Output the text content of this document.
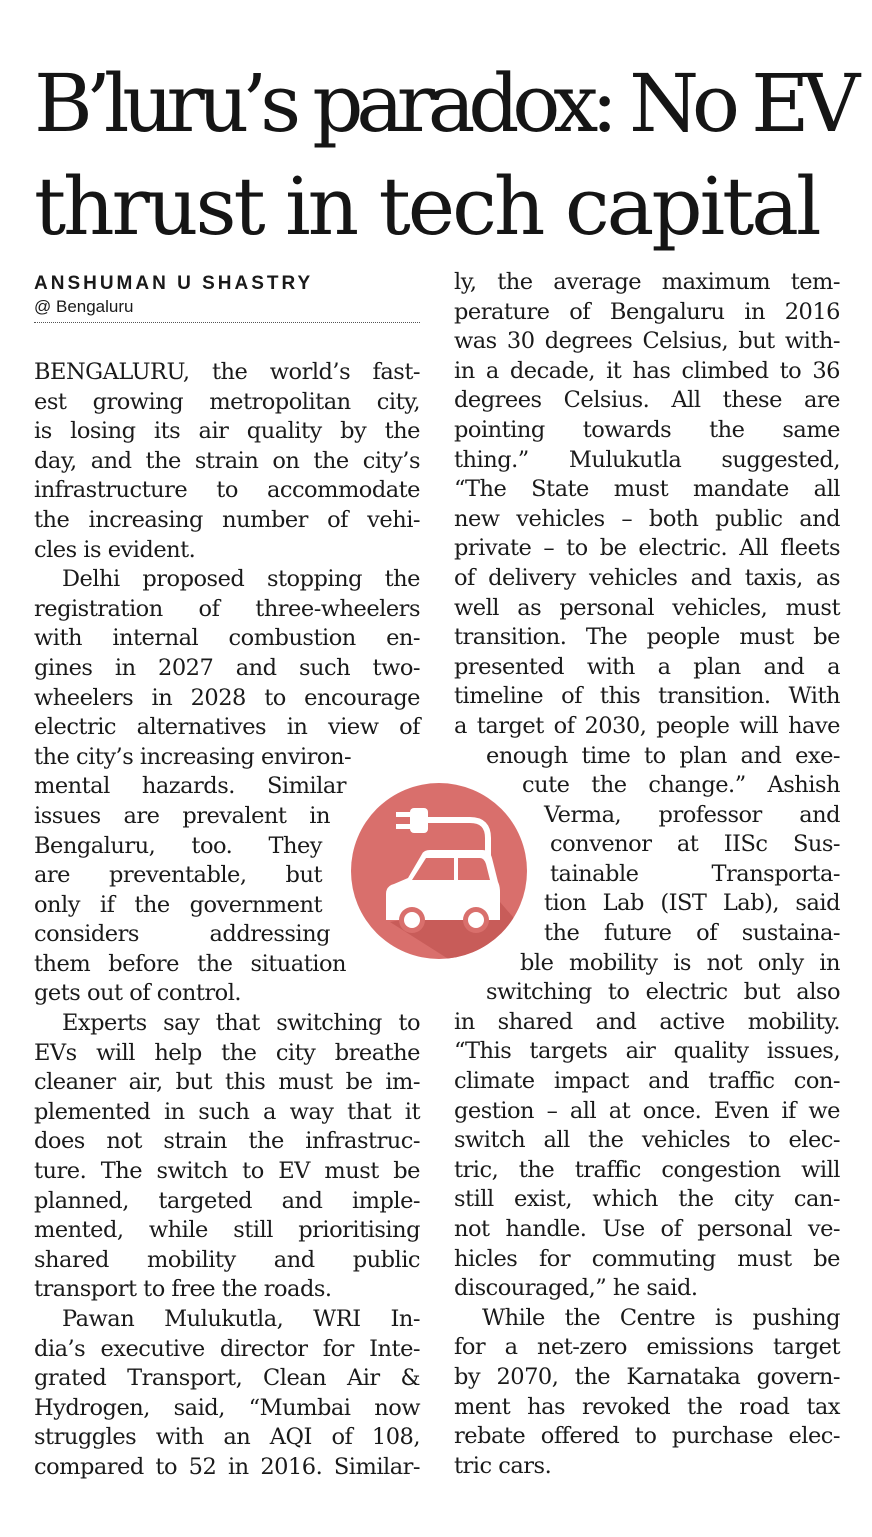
B’luru’s paradox: No EV
thrust in tech capital
ANSHUMAN U SHASTRY
@ Bengaluru
BENGALURU, the world’s fast-
est growing metropolitan city,
is losing its air quality by the
day, and the strain on the city’s
infrastructure to accommodate
the increasing number of vehi-
cles is evident.
Delhi proposed stopping the
registration of three-wheelers
with internal combustion en-
gines in 2027 and such two-
wheelers in 2028 to encourage
electric alternatives in view of
the city’s increasing environ-
mental hazards. Similar
issues are prevalent in
Bengaluru, too. They
are preventable, but
only if the government
considers addressing
them before the situation
gets out of control.
Experts say that switching to
EVs will help the city breathe
cleaner air, but this must be im-
plemented in such a way that it
does not strain the infrastruc-
ture. The switch to EV must be
planned, targeted and imple-
mented, while still prioritising
shared mobility and public
transport to free the roads.
Pawan Mulukutla, WRI In-
dia’s executive director for Inte-
grated Transport, Clean Air &
Hydrogen, said, “Mumbai now
struggles with an AQI of 108,
compared to 52 in 2016. Similar-
ly, the average maximum tem-
perature of Bengaluru in 2016
was 30 degrees Celsius, but with-
in a decade, it has climbed to 36
degrees Celsius. All these are
pointing towards the same
thing.” Mulukutla suggested,
“The State must mandate all
new vehicles – both public and
private – to be electric. All fleets
of delivery vehicles and taxis, as
well as personal vehicles, must
transition. The people must be
presented with a plan and a
timeline of this transition. With
a target of 2030, people will have
enough time to plan and exe-
cute the change.” Ashish
Verma, professor and
convenor at IISc Sus-
tainable Transporta-
tion Lab (IST Lab), said
the future of sustaina-
ble mobility is not only in
switching to electric but also
in shared and active mobility.
“This targets air quality issues,
climate impact and traffic con-
gestion – all at once. Even if we
switch all the vehicles to elec-
tric, the traffic congestion will
still exist, which the city can-
not handle. Use of personal ve-
hicles for commuting must be
discouraged,” he said.
While the Centre is pushing
for a net-zero emissions target
by 2070, the Karnataka govern-
ment has revoked the road tax
rebate offered to purchase elec-
tric cars.
